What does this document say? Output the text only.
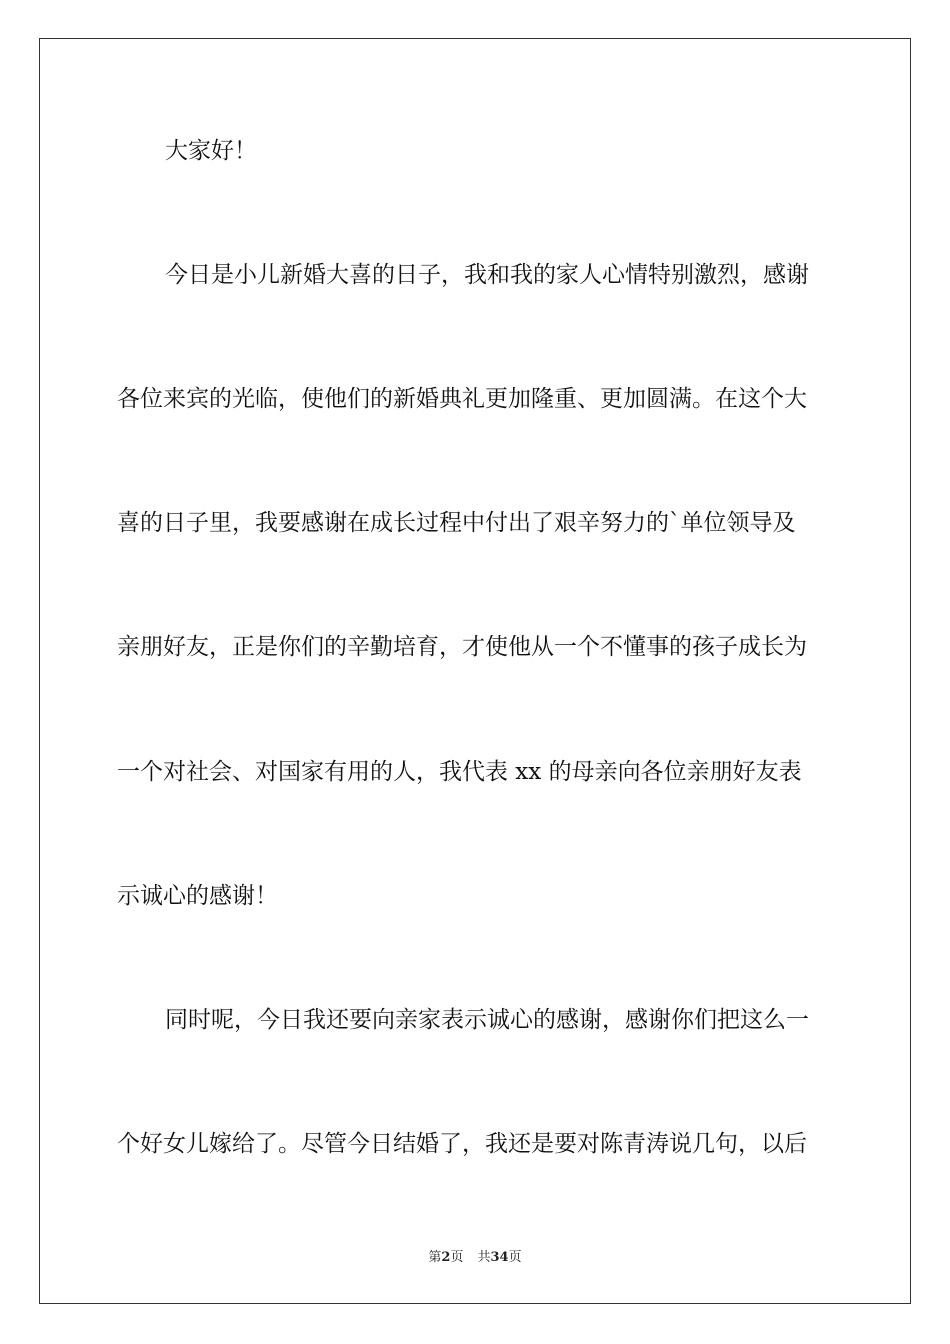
大家好！
今日是小儿新婚大喜的日子，我和我的家人心情特别激烈，感谢
各位来宾的光临，使他们的新婚典礼更加隆重、更加圆满。在这个大
喜的日子里，我要感谢在成长过程中付出了艰辛努力的`单位领导及
亲朋好友，正是你们的辛勤培育，才使他从一个不懂事的孩子成长为
一个对社会、对国家有用的人，我代表 xx 的母亲向各位亲朋好友表
示诚心的感谢！
同时呢，今日我还要向亲家表示诚心的感谢，感谢你们把这么一
个好女儿嫁给了。尽管今日结婚了，我还是要对陈青涛说几句，以后
第2页 共34页
